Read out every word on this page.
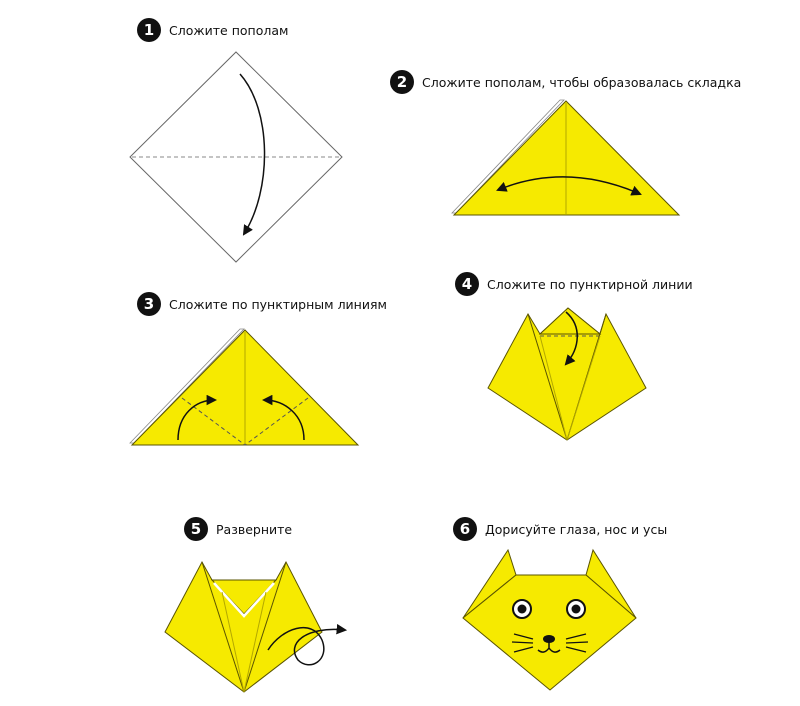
1	Сложите пополам
2	Сложите пополам, чтобы образовалась складка
3	Сложите по пунктирным линиям
4	Сложите по пунктирной линии
5	Разверните	6	Дорисуйте глаза, нос и усы
